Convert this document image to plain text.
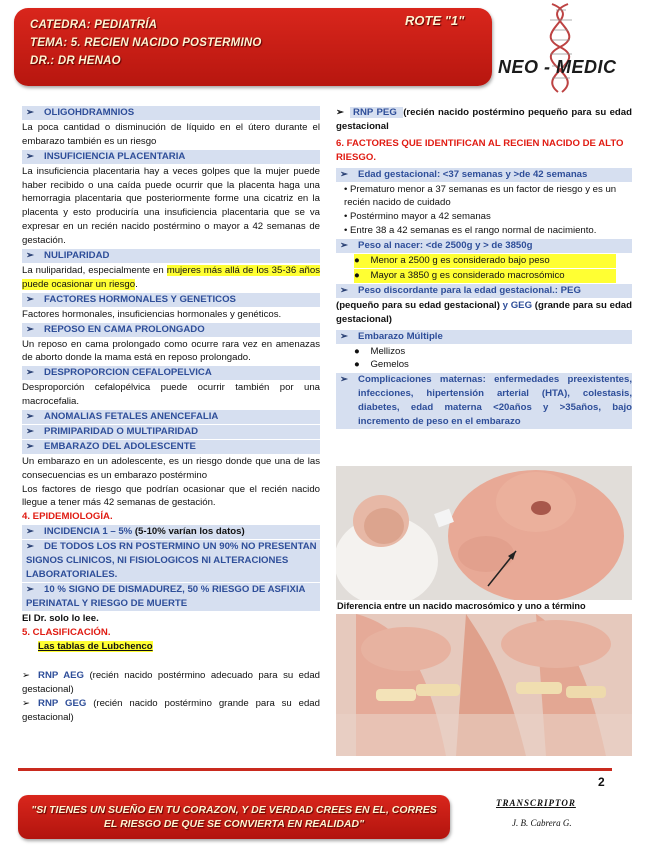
CATEDRA: PEDIATRÍA
TEMA: 5. RECIEN NACIDO POSTERMINO
DR.: DR HENAO
ROTE "1"
NEO - MEDIC
➢ OLIGOHDRAMNIOS
La poca cantidad o disminución de líquido en el útero durante el embarazo también es un riesgo
➢ INSUFICIENCIA PLACENTARIA
La insuficiencia placentaria hay a veces golpes que la mujer puede haber recibido o una caída puede ocurrir que la placenta haga una hemorragia placentaria que posteriormente forme una cicatriz en la placenta y esto produciría una insuficiencia placentaria que se va expresar en un recién nacido postérmino o mayor a 42 semanas de gestación.
➢ NULIPARIDAD
La nuliparidad, especialmente en mujeres más allá de los 35-36 años puede ocasionar un riesgo.
➢ FACTORES HORMONALES Y GENETICOS
Factores hormonales, insuficiencias hormonales y genéticos.
➢ REPOSO EN CAMA PROLONGADO
Un reposo en cama prolongado como ocurre rara vez en amenazas de aborto donde la mama está en reposo prolongado.
➢ DESPROPORCION CEFALOPELVICA
Desproporción cefalopélvica puede ocurrir también por una macrocefalia.
➢ ANOMALIAS FETALES ANENCEFALIA
➢ PRIMIPARIDAD O MULTIPARIDAD
➢ EMBARAZO DEL ADOLESCENTE
Un embarazo en un adolescente, es un riesgo donde que una de las consecuencias es un embarazo postérmino
Los factores de riesgo que podrían ocasionar que el recién nacido llegue a tener más 42 semanas de gestación.
4. EPIDEMIOLOGÍA.
➢ INCIDENCIA 1 – 5% (5-10% varían los datos)
➢ DE TODOS LOS RN POSTERMINO UN 90% NO PRESENTAN SIGNOS CLINICOS, NI FISIOLOGICOS NI ALTERACIONES LABORATORIALES.
➢ 10 % SIGNO DE DISMADUREZ, 50 % RIESGO DE ASFIXIA PERINATAL Y RIESGO DE MUERTE
El Dr. solo lo lee.
5. CLASIFICACIÓN.
Las tablas de Lubchenco
➢ RNP AEG (recién nacido postérmino adecuado para su edad gestacional)
➢ RNP GEG (recién nacido postérmino grande para su edad gestacional)
➢ RNP PEG (recién nacido postérmino pequeño para su edad gestacional
6. FACTORES QUE IDENTIFICAN AL RECIEN NACIDO DE ALTO RIESGO.
➢ Edad gestacional: <37 semanas y >de 42 semanas
• Prematuro menor a 37 semanas es un factor de riesgo y es un recién nacido de cuidado
• Postérmino mayor a 42 semanas
• Entre 38 a 42 semanas es el rango normal de nacimiento.
➢ Peso al nacer: <de 2500g y > de 3850g
●    Menor a 2500 g es considerado bajo peso
●    Mayor a 3850 g es considerado macrosómico
➢ Peso discordante para la edad gestacional.: PEG
(pequeño para su edad gestacional) y GEG (grande para su edad gestacional)
➢ Embarazo Múltiple
●    Mellizos
●    Gemelos
➢ Complicaciones maternas: enfermedades preexistentes, infecciones, hipertensión arterial (HTA), colestasis, diabetes, edad materna <20años y >35años, bajo incremento de peso en el embarazo
Diferencia entre un nacido macrosómico y uno a término
2
"SI TIENES UN SUEÑO EN TU CORAZON, Y DE VERDAD CREES EN EL, CORRES EL RIESGO DE QUE SE CONVIERTA EN REALIDAD"
TRANSCRIPTOR
J. B. Cabrera G.
